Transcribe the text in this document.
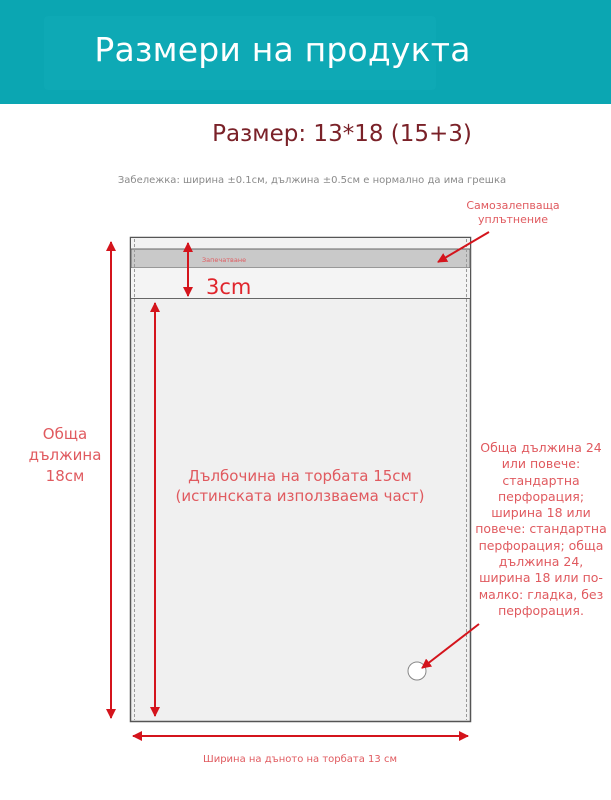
Размери на продукта
Размер: 13*18 (15+3)
Забележка: ширина ±0.1см, дължина ±0.5см е нормално да има грешка
Запечатване
3cm
Самозалепваща уплътнение
Обща дължина 18см	Дълбочина на торбата 15см
(истинската използваема част)
Обща дължина 24 или повече: стандартна перфорация; ширина 18 или повече: стандартна перфорация; обща дължина 24, ширина 18 или по-малко: гладка, без перфорация.
Ширина на дъното на торбата 13 см
